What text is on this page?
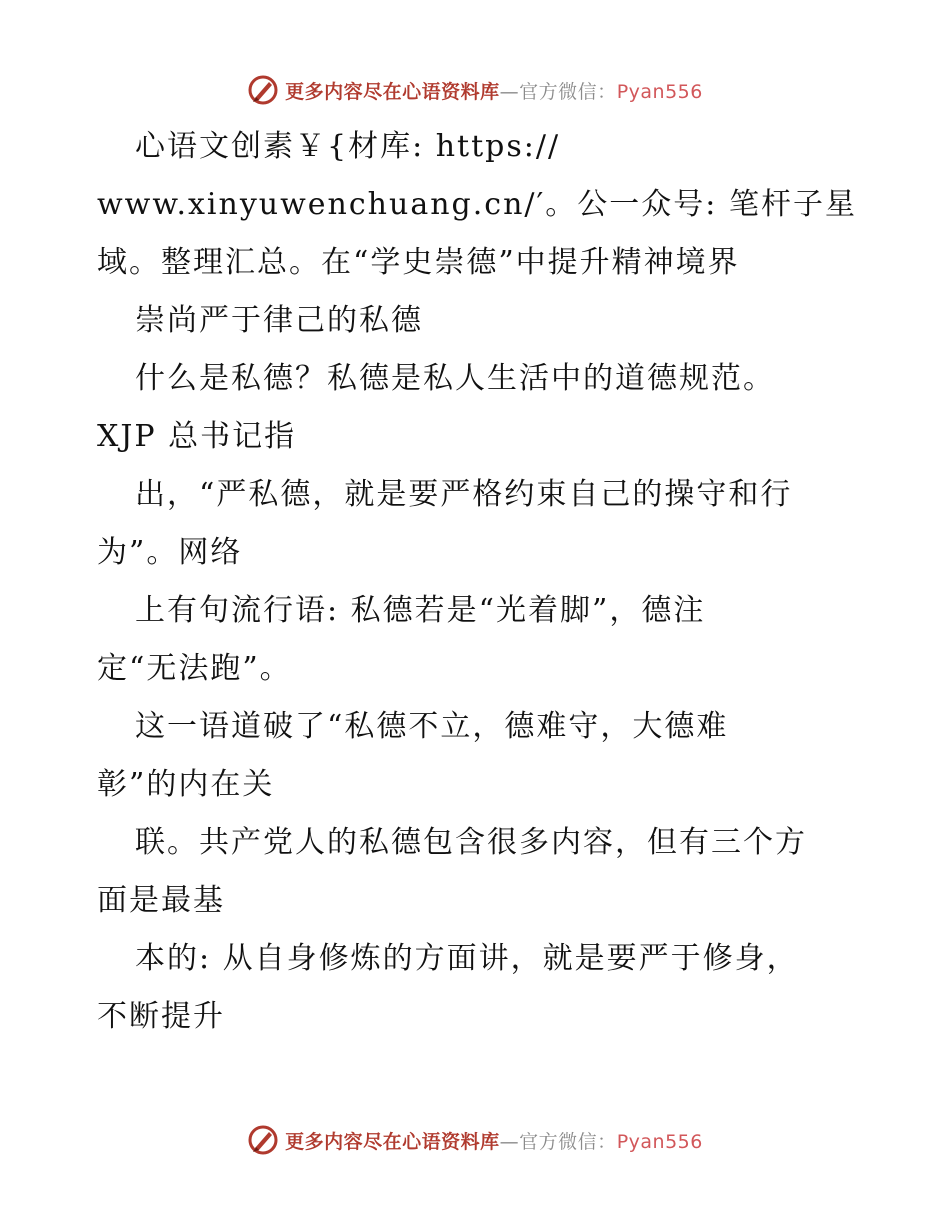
更多内容尽在心语资料库—官方微信：Pyan556
心语文创素￥{材库: https://
www.xinyuwenchuang.cn/′。公一众号: 笔杆子星
域。整理汇总。在“学史崇德”中提升精神境界
崇尚严于律己的私德
什么是私德？私德是私人生活中的道德规范。
XJP 总书记指
出，“严私德，就是要严格约束自己的操守和行
为”。网络
上有句流行语: 私德若是“光着脚”，德注
定“无法跑”。
这一语道破了“私德不立，德难守，大德难
彰”的内在关
联。共产党人的私德包含很多内容，但有三个方
面是最基
本的: 从自身修炼的方面讲，就是要严于修身，
不断提升
更多内容尽在心语资料库—官方微信：Pyan556
